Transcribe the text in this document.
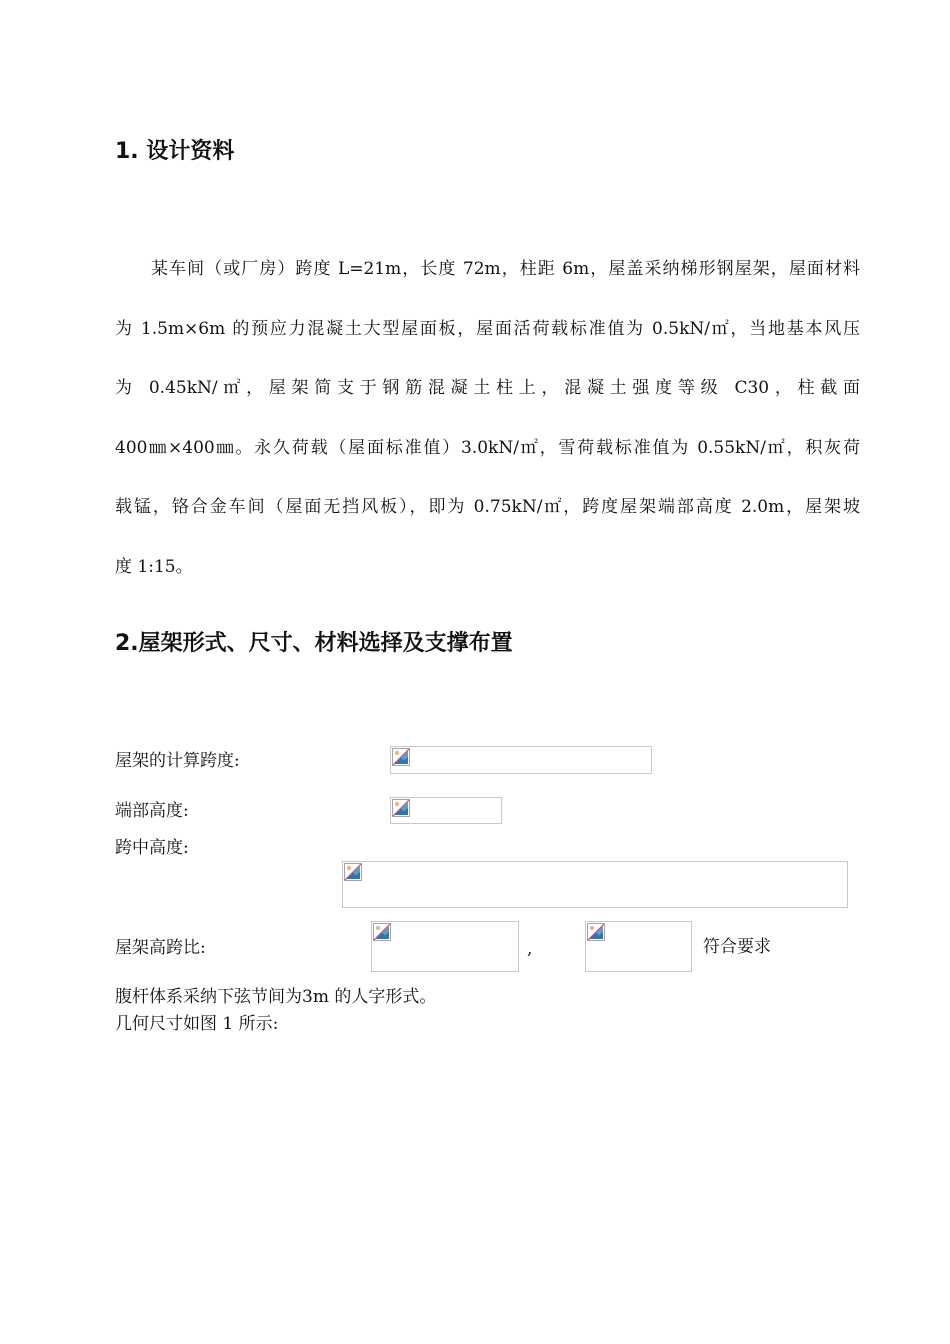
1. 设计资料
某车间（或厂房）跨度 L=21m，长度 72m，柱距 6m，屋盖采纳梯形钢屋架，屋面材料
为 1.5m×6m 的预应力混凝土大型屋面板，屋面活荷载标准值为 0.5kN/㎡，当地基本风压
为 0.45kN/㎡，屋架简支于钢筋混凝土柱上，混凝土强度等级 C30，柱截面
400㎜×400㎜。永久荷载（屋面标准值）3.0kN/㎡，雪荷载标准值为 0.55kN/㎡，积灰荷
载锰，铬合金车间（屋面无挡风板），即为 0.75kN/㎡，跨度屋架端部高度 2.0m，屋架坡
度 1:15。
2.屋架形式、尺寸、材料选择及支撑布置

屋架的计算跨度:

端部高度:

跨中高度:

屋架高跨比:	,	符合要求

腹杆体系采纳下弦节间为3m 的人字形式。

几何尺寸如图 1 所示:
